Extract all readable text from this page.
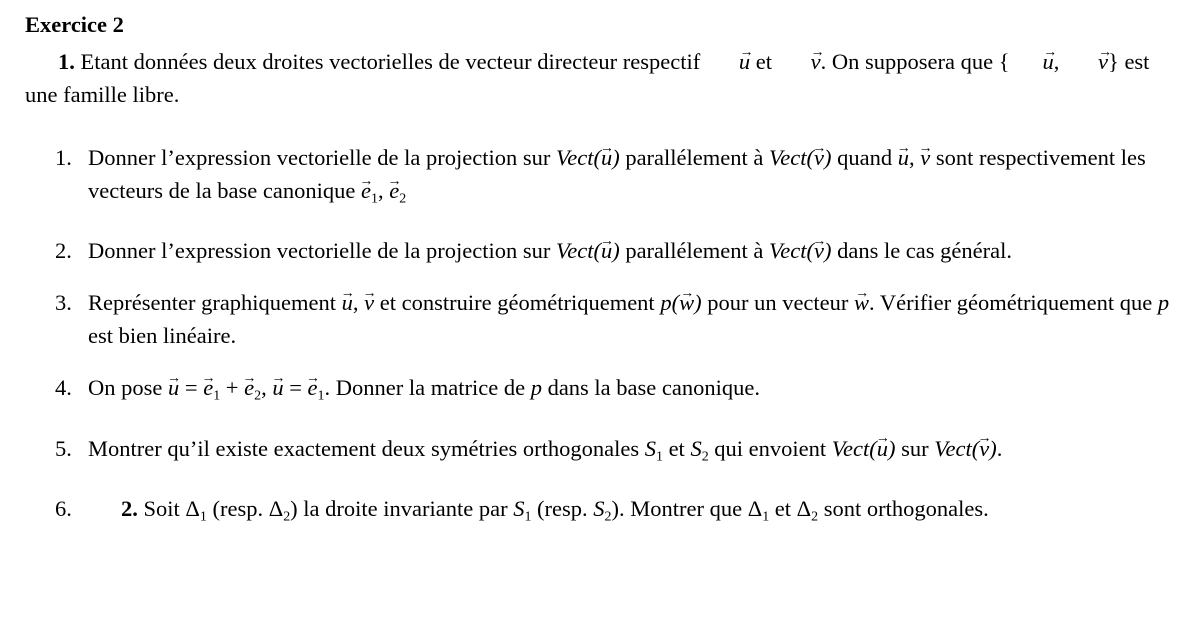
Exercice 2

1. Etant données deux droites vectorielles de vecteur directeur respectif u → et v →. On supposera que { u →, v →} est une famille libre.

1. Donner l’expression vectorielle de la projection sur Vect(u →) parallélement à Vect(v →) quand u →, v → sont respectivement les vecteurs de la base canonique $e \to_1$, $e \to_2$
2. Donner l’expression vectorielle de la projection sur Vect(u →) parallélement à Vect(v →) dans le cas général.
3. Représenter graphiquement u →, v → et construire géométriquement p(w →) pour un vecteur w →. Vérifier géométriquement que p est bien linéaire.
4. On pose u → = $e \to_1 + e \to_2$, u → = $e \to_1$. Donner la matrice de p dans la base canonique.
5. Montrer qu’il existe exactement deux symétries orthogonales $S_1$ et $S_2$ qui envoient Vect(u →) sur Vect(v →).
6.	2. Soit $\Delta_1$ (resp. $\Delta_2$) la droite invariante par $S_1$ (resp. $S_2$). Montrer que $\Delta_1$ et $\Delta_2$ sont orthogonales.
